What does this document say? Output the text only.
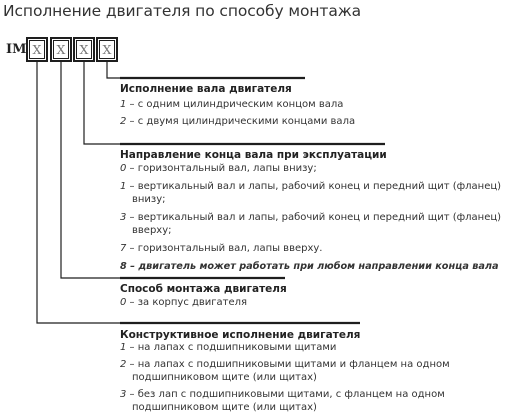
Исполнение двигателя по способу монтажа
IM X	X	X	X
Исполнение вала двигателя
1 – с одним цилиндрическим концом вала
2 – с двумя цилиндрическими концами вала
Направление конца вала при эксплуатации
0 – горизонтальный вал, лапы внизу;
1 – вертикальный вал и лапы, рабочий конец и передний щит (фланец) внизу;
3 – вертикальный вал и лапы, рабочий конец и передний щит (фланец) вверху;
7 – горизонтальный вал, лапы вверху.
8 – двигатель может работать при любом направлении конца вала
Способ монтажа двигателя
0 – за корпус двигателя
Конструктивное исполнение двигателя
1 – на лапах с подшипниковыми щитами
2 – на лапах с подшипниковыми щитами и фланцем на одном подшипниковом щите (или щитах)
3 – без лап с подшипниковыми щитами, с фланцем на одном подшипниковом щите (или щитах)
